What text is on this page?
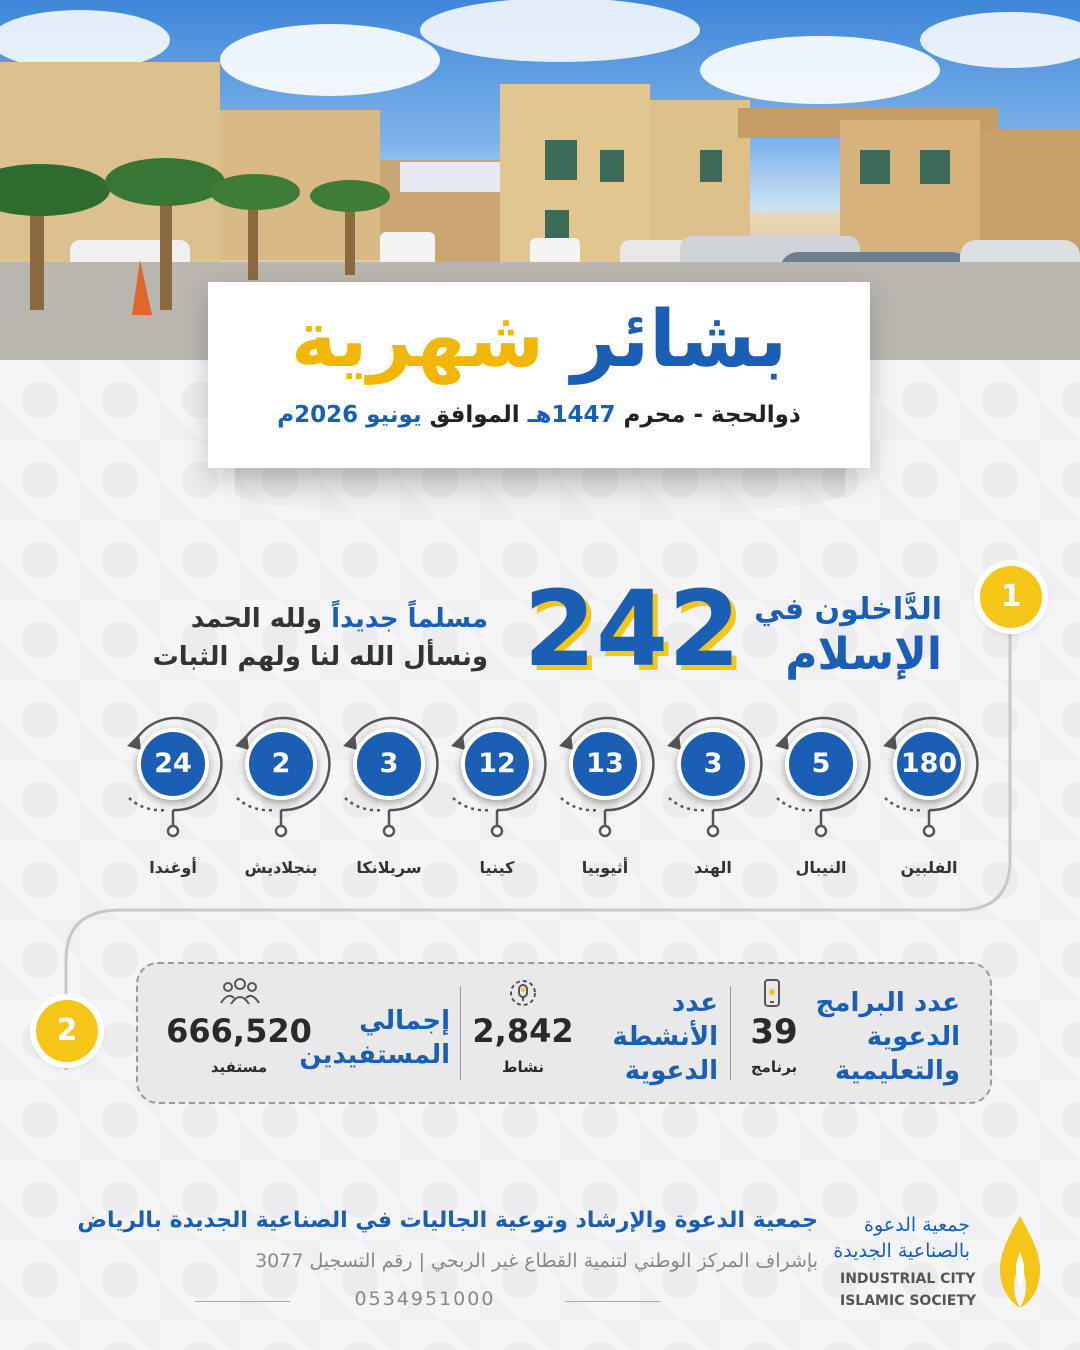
بشائر شهرية
ذوالحجة - محرم 1447هـ الموافق يونيو 2026م
1
الدَّاخلون في
الإسلام
242
مسلماً جديداً ولله الحمد
ونسأل الله لنا ولهم الثبات
180
الفلبين
5
النيبال
3
الهند
13
أثيوبيا
12
كينيا
3
سريلانكا
2
بنجلاديش
24
أوغندا
2
عدد البرامج الدعوية والتعليمية
39
برنامج
عدد الأنشطة الدعوية
2,842
نشاط
إجمالي المستفيدين
666,520
مستفيد
جمعية الدعوة والإرشاد وتوعية الجاليات في الصناعية الجديدة بالرياض
بإشراف المركز الوطني لتنمية القطاع غير الربحي | رقم التسجيل 3077
0534951000
جمعية الدعوة
بالصناعية الجديدة
INDUSTRIAL CITY
ISLAMIC SOCIETY
